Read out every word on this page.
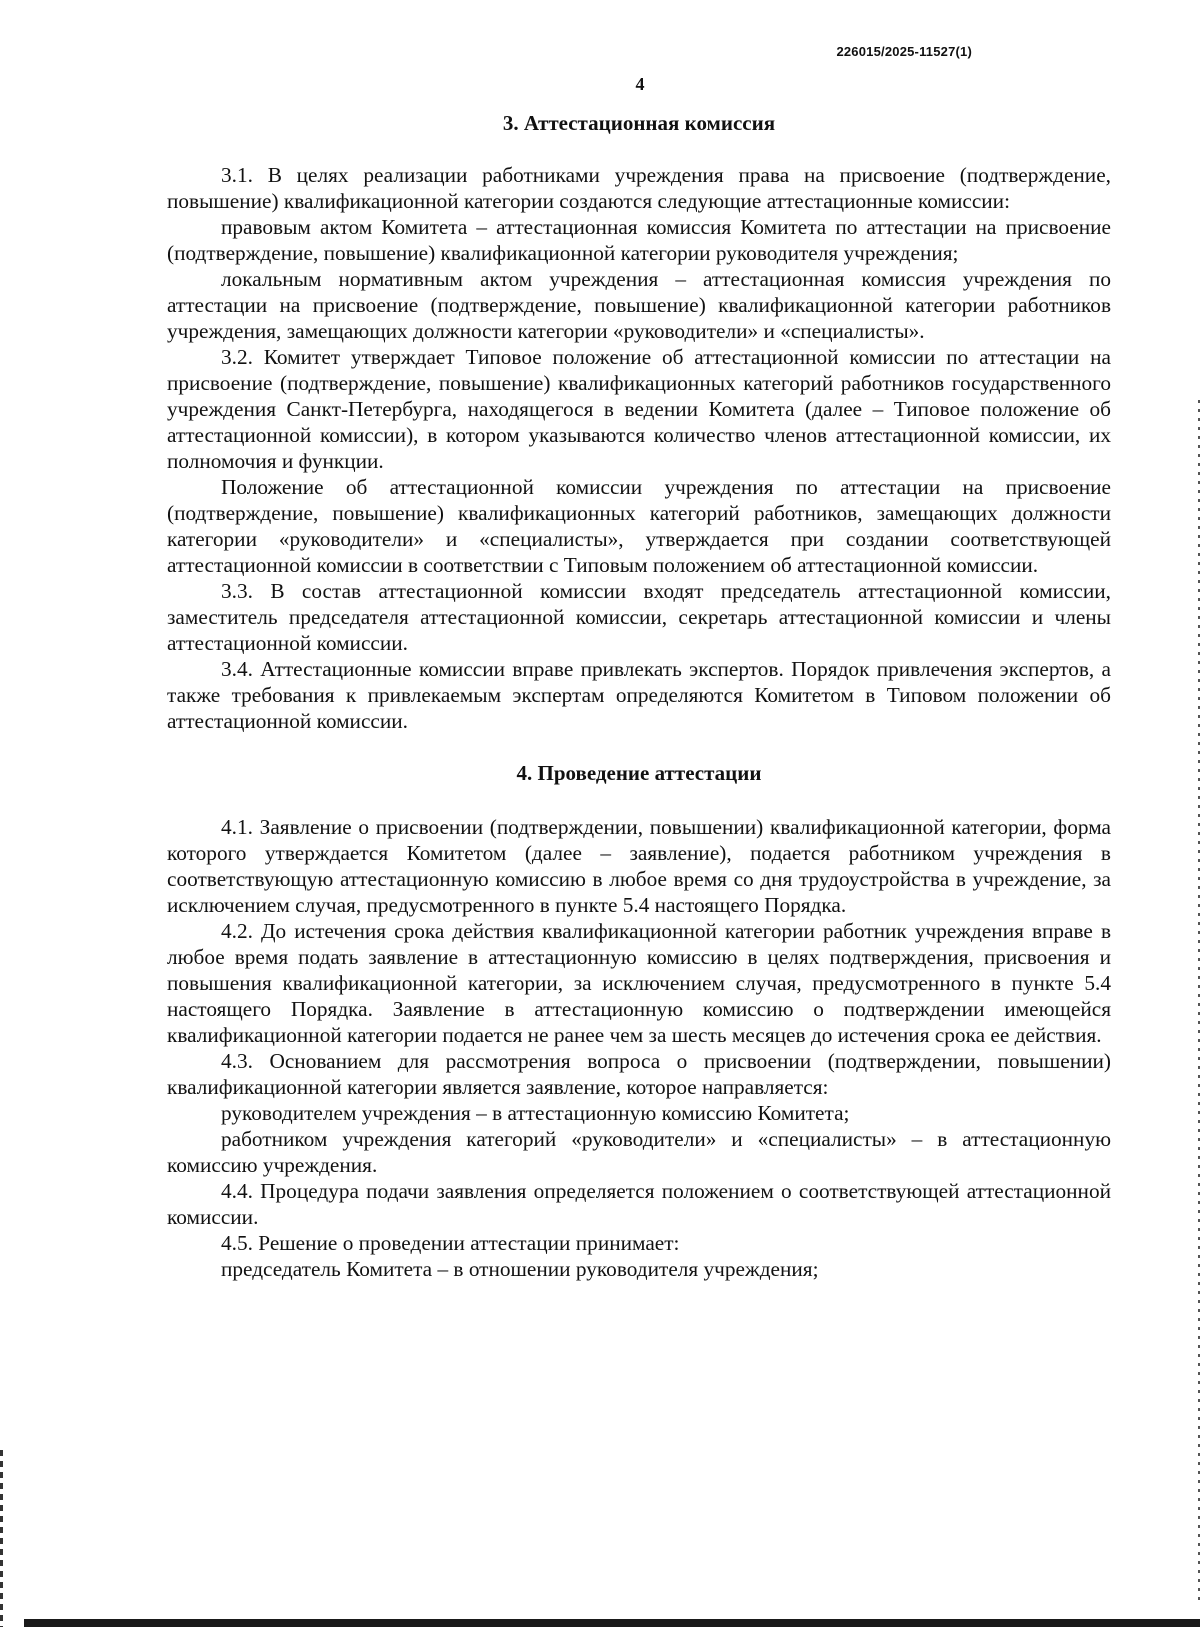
226015/2025-11527(1)
4
3. Аттестационная комиссия

3.1. В целях реализации работниками учреждения права на присвоение (подтверждение, повышение) квалификационной категории создаются следующие аттестационные комиссии:

правовым актом Комитета – аттестационная комиссия Комитета по аттестации на присвоение (подтверждение, повышение) квалификационной категории руководителя учреждения;

локальным нормативным актом учреждения – аттестационная комиссия учреждения по аттестации на присвоение (подтверждение, повышение) квалификационной категории работников учреждения, замещающих должности категории «руководители» и «специалисты».

3.2. Комитет утверждает Типовое положение об аттестационной комиссии по аттестации на присвоение (подтверждение, повышение) квалификационных категорий работников государственного учреждения Санкт-Петербурга, находящегося в ведении Комитета (далее – Типовое положение об аттестационной комиссии), в котором указываются количество членов аттестационной комиссии, их полномочия и функции.

Положение об аттестационной комиссии учреждения по аттестации на присвоение (подтверждение, повышение) квалификационных категорий работников, замещающих должности категории «руководители» и «специалисты», утверждается при создании соответствующей аттестационной комиссии в соответствии с Типовым положением об аттестационной комиссии.

3.3. В состав аттестационной комиссии входят председатель аттестационной комиссии, заместитель председателя аттестационной комиссии, секретарь аттестационной комиссии и члены аттестационной комиссии.

3.4. Аттестационные комиссии вправе привлекать экспертов. Порядок привлечения экспертов, а также требования к привлекаемым экспертам определяются Комитетом в Типовом положении об аттестационной комиссии.

4. Проведение аттестации

4.1. Заявление о присвоении (подтверждении, повышении) квалификационной категории, форма которого утверждается Комитетом (далее – заявление), подается работником учреждения в соответствующую аттестационную комиссию в любое время со дня трудоустройства в учреждение, за исключением случая, предусмотренного в пункте 5.4 настоящего Порядка.

4.2. До истечения срока действия квалификационной категории работник учреждения вправе в любое время подать заявление в аттестационную комиссию в целях подтверждения, присвоения и повышения квалификационной категории, за исключением случая, предусмотренного в пункте 5.4 настоящего Порядка. Заявление в аттестационную комиссию о подтверждении имеющейся квалификационной категории подается не ранее чем за шесть месяцев до истечения срока ее действия.

4.3. Основанием для рассмотрения вопроса о присвоении (подтверждении, повышении) квалификационной категории является заявление, которое направляется:

руководителем учреждения – в аттестационную комиссию Комитета;

работником учреждения категорий «руководители» и «специалисты» – в аттестационную комиссию учреждения.

4.4. Процедура подачи заявления определяется положением о соответствующей аттестационной комиссии.

4.5. Решение о проведении аттестации принимает:

председатель Комитета – в отношении руководителя учреждения;
